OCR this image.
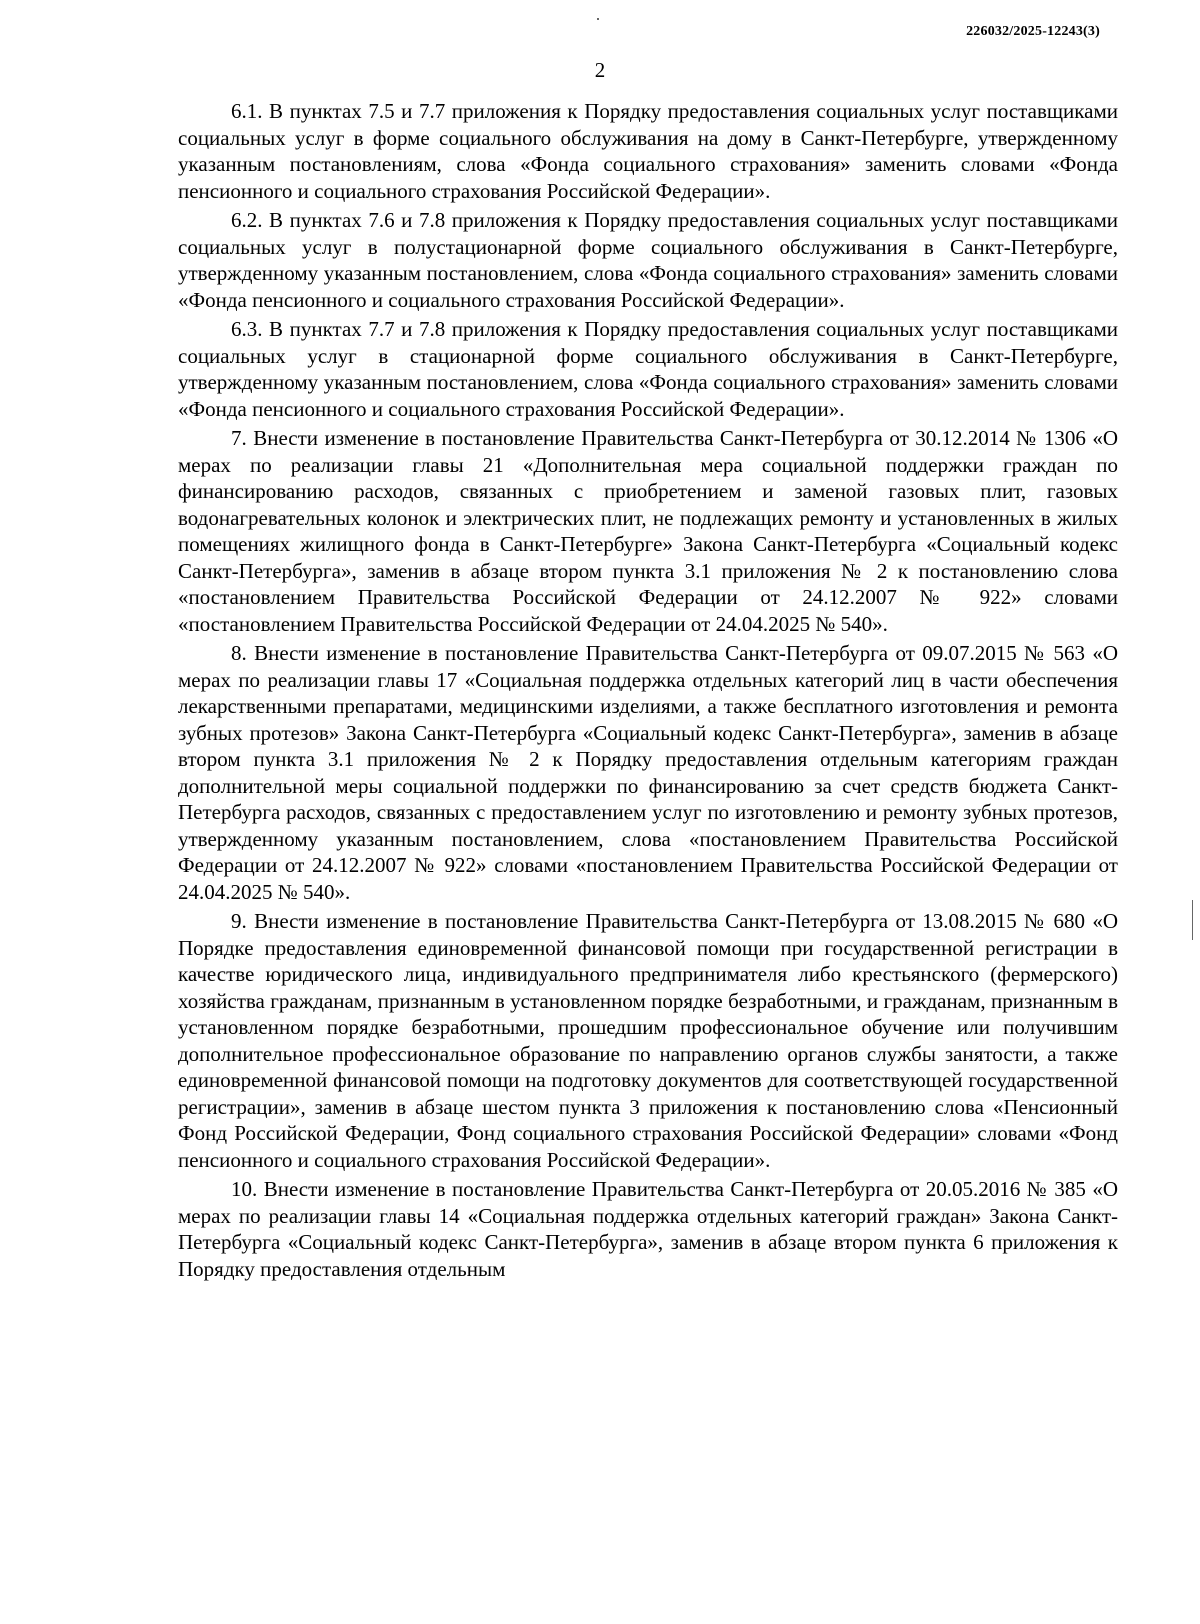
226032/2025-12243(3)
2

6.1. В пунктах 7.5 и 7.7 приложения к Порядку предоставления социальных услуг поставщиками социальных услуг в форме социального обслуживания на дому в Санкт-Петербурге, утвержденному указанным постановлениям, слова «Фонда социального страхования» заменить словами «Фонда пенсионного и социального страхования Российской Федерации».

6.2. В пунктах 7.6 и 7.8 приложения к Порядку предоставления социальных услуг поставщиками социальных услуг в полустационарной форме социального обслуживания в Санкт-Петербурге, утвержденному указанным постановлением, слова «Фонда социального страхования» заменить словами «Фонда пенсионного и социального страхования Российской Федерации».

6.3. В пунктах 7.7 и 7.8 приложения к Порядку предоставления социальных услуг поставщиками социальных услуг в стационарной форме социального обслуживания в Санкт-Петербурге, утвержденному указанным постановлением, слова «Фонда социального страхования» заменить словами «Фонда пенсионного и социального страхования Российской Федерации».

7. Внести изменение в постановление Правительства Санкт-Петербурга от 30.12.2014 № 1306 «О мерах по реализации главы 21 «Дополнительная мера социальной поддержки граждан по финансированию расходов, связанных с приобретением и заменой газовых плит, газовых водонагревательных колонок и электрических плит, не подлежащих ремонту и установленных в жилых помещениях жилищного фонда в Санкт-Петербурге» Закона Санкт-Петербурга «Социальный кодекс Санкт-Петербурга», заменив в абзаце втором пункта 3.1 приложения № 2 к постановлению слова «постановлением Правительства Российской Федерации от 24.12.2007 № 922» словами «постановлением Правительства Российской Федерации от 24.04.2025 № 540».

8. Внести изменение в постановление Правительства Санкт-Петербурга от 09.07.2015 № 563 «О мерах по реализации главы 17 «Социальная поддержка отдельных категорий лиц в части обеспечения лекарственными препаратами, медицинскими изделиями, а также бесплатного изготовления и ремонта зубных протезов» Закона Санкт-Петербурга «Социальный кодекс Санкт-Петербурга», заменив в абзаце втором пункта 3.1 приложения № 2 к Порядку предоставления отдельным категориям граждан дополнительной меры социальной поддержки по финансированию за счет средств бюджета Санкт-Петербурга расходов, связанных с предоставлением услуг по изготовлению и ремонту зубных протезов, утвержденному указанным постановлением, слова «постановлением Правительства Российской Федерации от 24.12.2007 № 922» словами «постановлением Правительства Российской Федерации от 24.04.2025 № 540».

9. Внести изменение в постановление Правительства Санкт-Петербурга от 13.08.2015 № 680 «О Порядке предоставления единовременной финансовой помощи при государственной регистрации в качестве юридического лица, индивидуального предпринимателя либо крестьянского (фермерского) хозяйства гражданам, признанным в установленном порядке безработными, и гражданам, признанным в установленном порядке безработными, прошедшим профессиональное обучение или получившим дополнительное профессиональное образование по направлению органов службы занятости, а также единовременной финансовой помощи на подготовку документов для соответствующей государственной регистрации», заменив в абзаце шестом пункта 3 приложения к постановлению слова «Пенсионный Фонд Российской Федерации, Фонд социального страхования Российской Федерации» словами «Фонд пенсионного и социального страхования Российской Федерации».

10. Внести изменение в постановление Правительства Санкт-Петербурга от 20.05.2016 № 385 «О мерах по реализации главы 14 «Социальная поддержка отдельных категорий граждан» Закона Санкт-Петербурга «Социальный кодекс Санкт-Петербурга», заменив в абзаце втором пункта 6 приложения к Порядку предоставления отдельным
